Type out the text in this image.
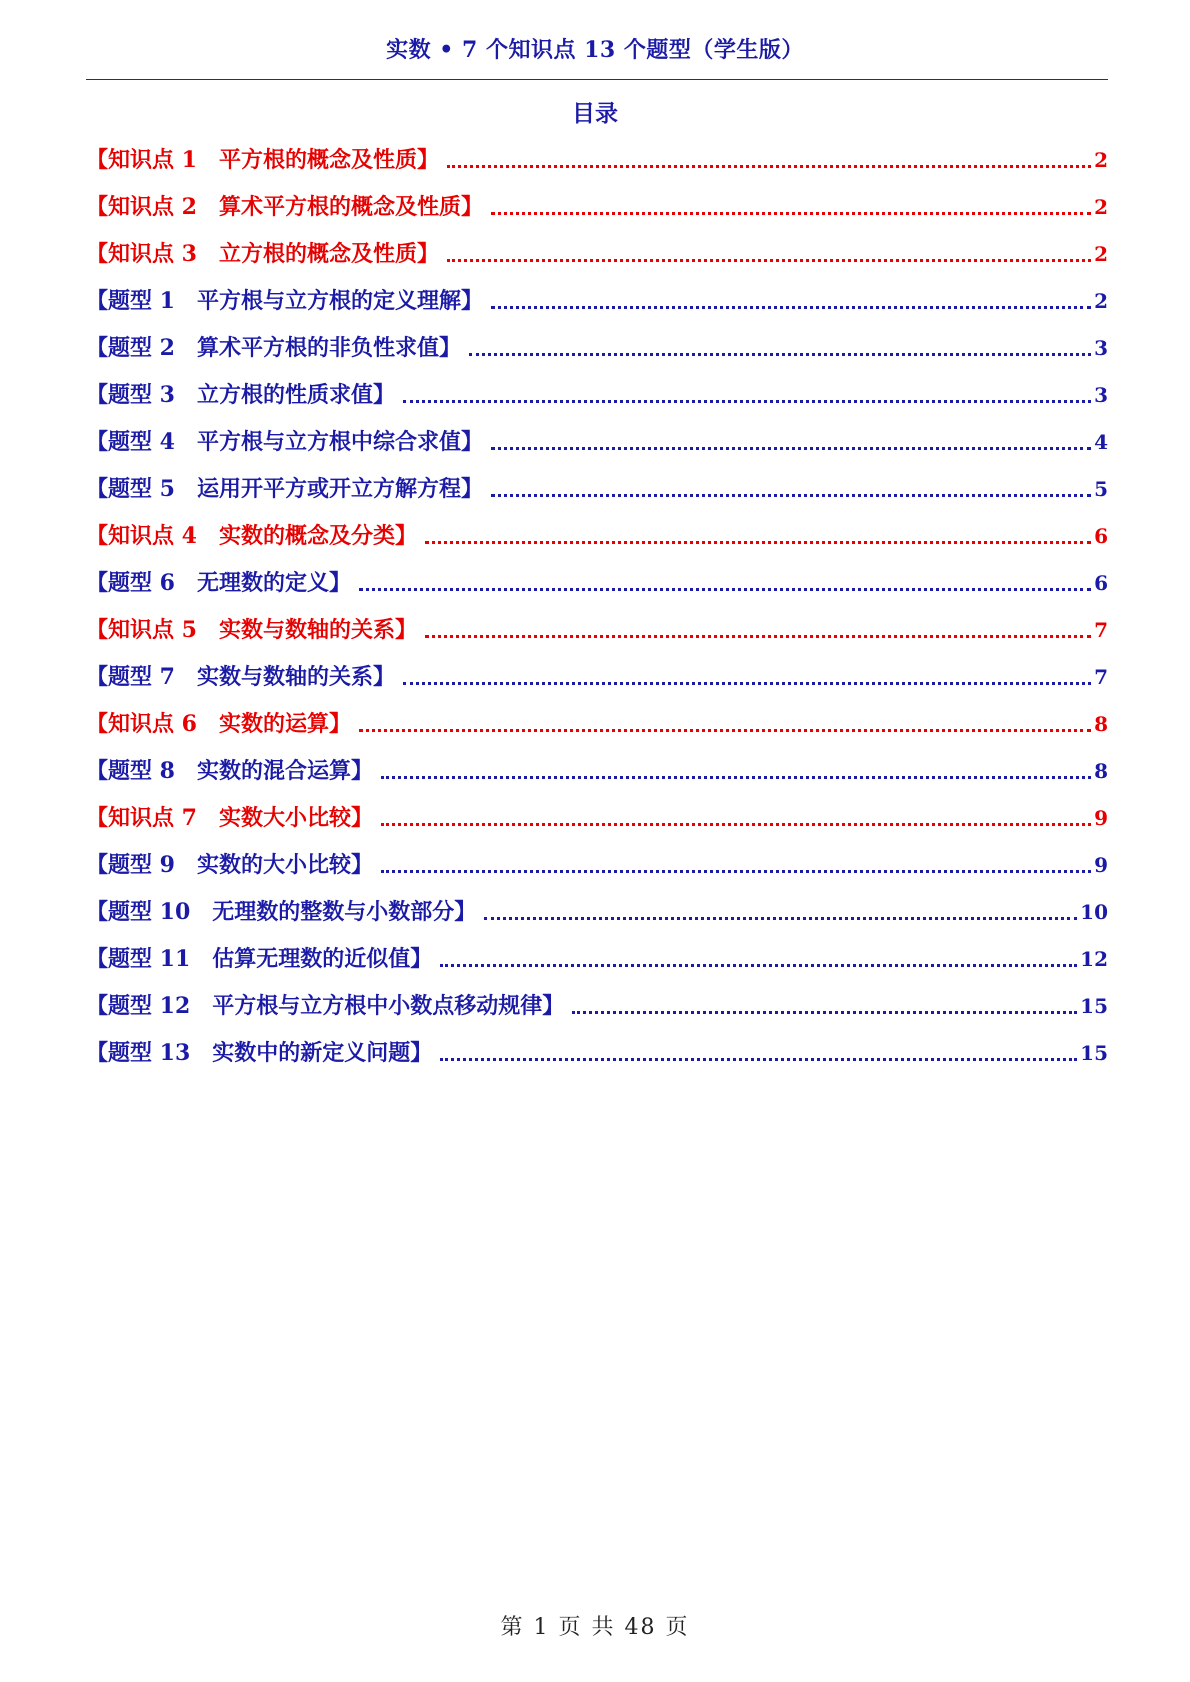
实数 • 7 个知识点 13 个题型（学生版）
目录
【知识点 1　平方根的概念及性质】	2
【知识点 2　算术平方根的概念及性质】	2
【知识点 3　立方根的概念及性质】	2
【题型 1　平方根与立方根的定义理解】	2
【题型 2　算术平方根的非负性求值】	3
【题型 3　立方根的性质求值】	3
【题型 4　平方根与立方根中综合求值】	4
【题型 5　运用开平方或开立方解方程】	5
【知识点 4　实数的概念及分类】	6
【题型 6　无理数的定义】	6
【知识点 5　实数与数轴的关系】	7
【题型 7　实数与数轴的关系】	7
【知识点 6　实数的运算】	8
【题型 8　实数的混合运算】	8
【知识点 7　实数大小比较】	9
【题型 9　实数的大小比较】	9
【题型 10　无理数的整数与小数部分】	10
【题型 11　估算无理数的近似值】	12
【题型 12　平方根与立方根中小数点移动规律】	15
【题型 13　实数中的新定义问题】	15
第 1 页 共 48 页
